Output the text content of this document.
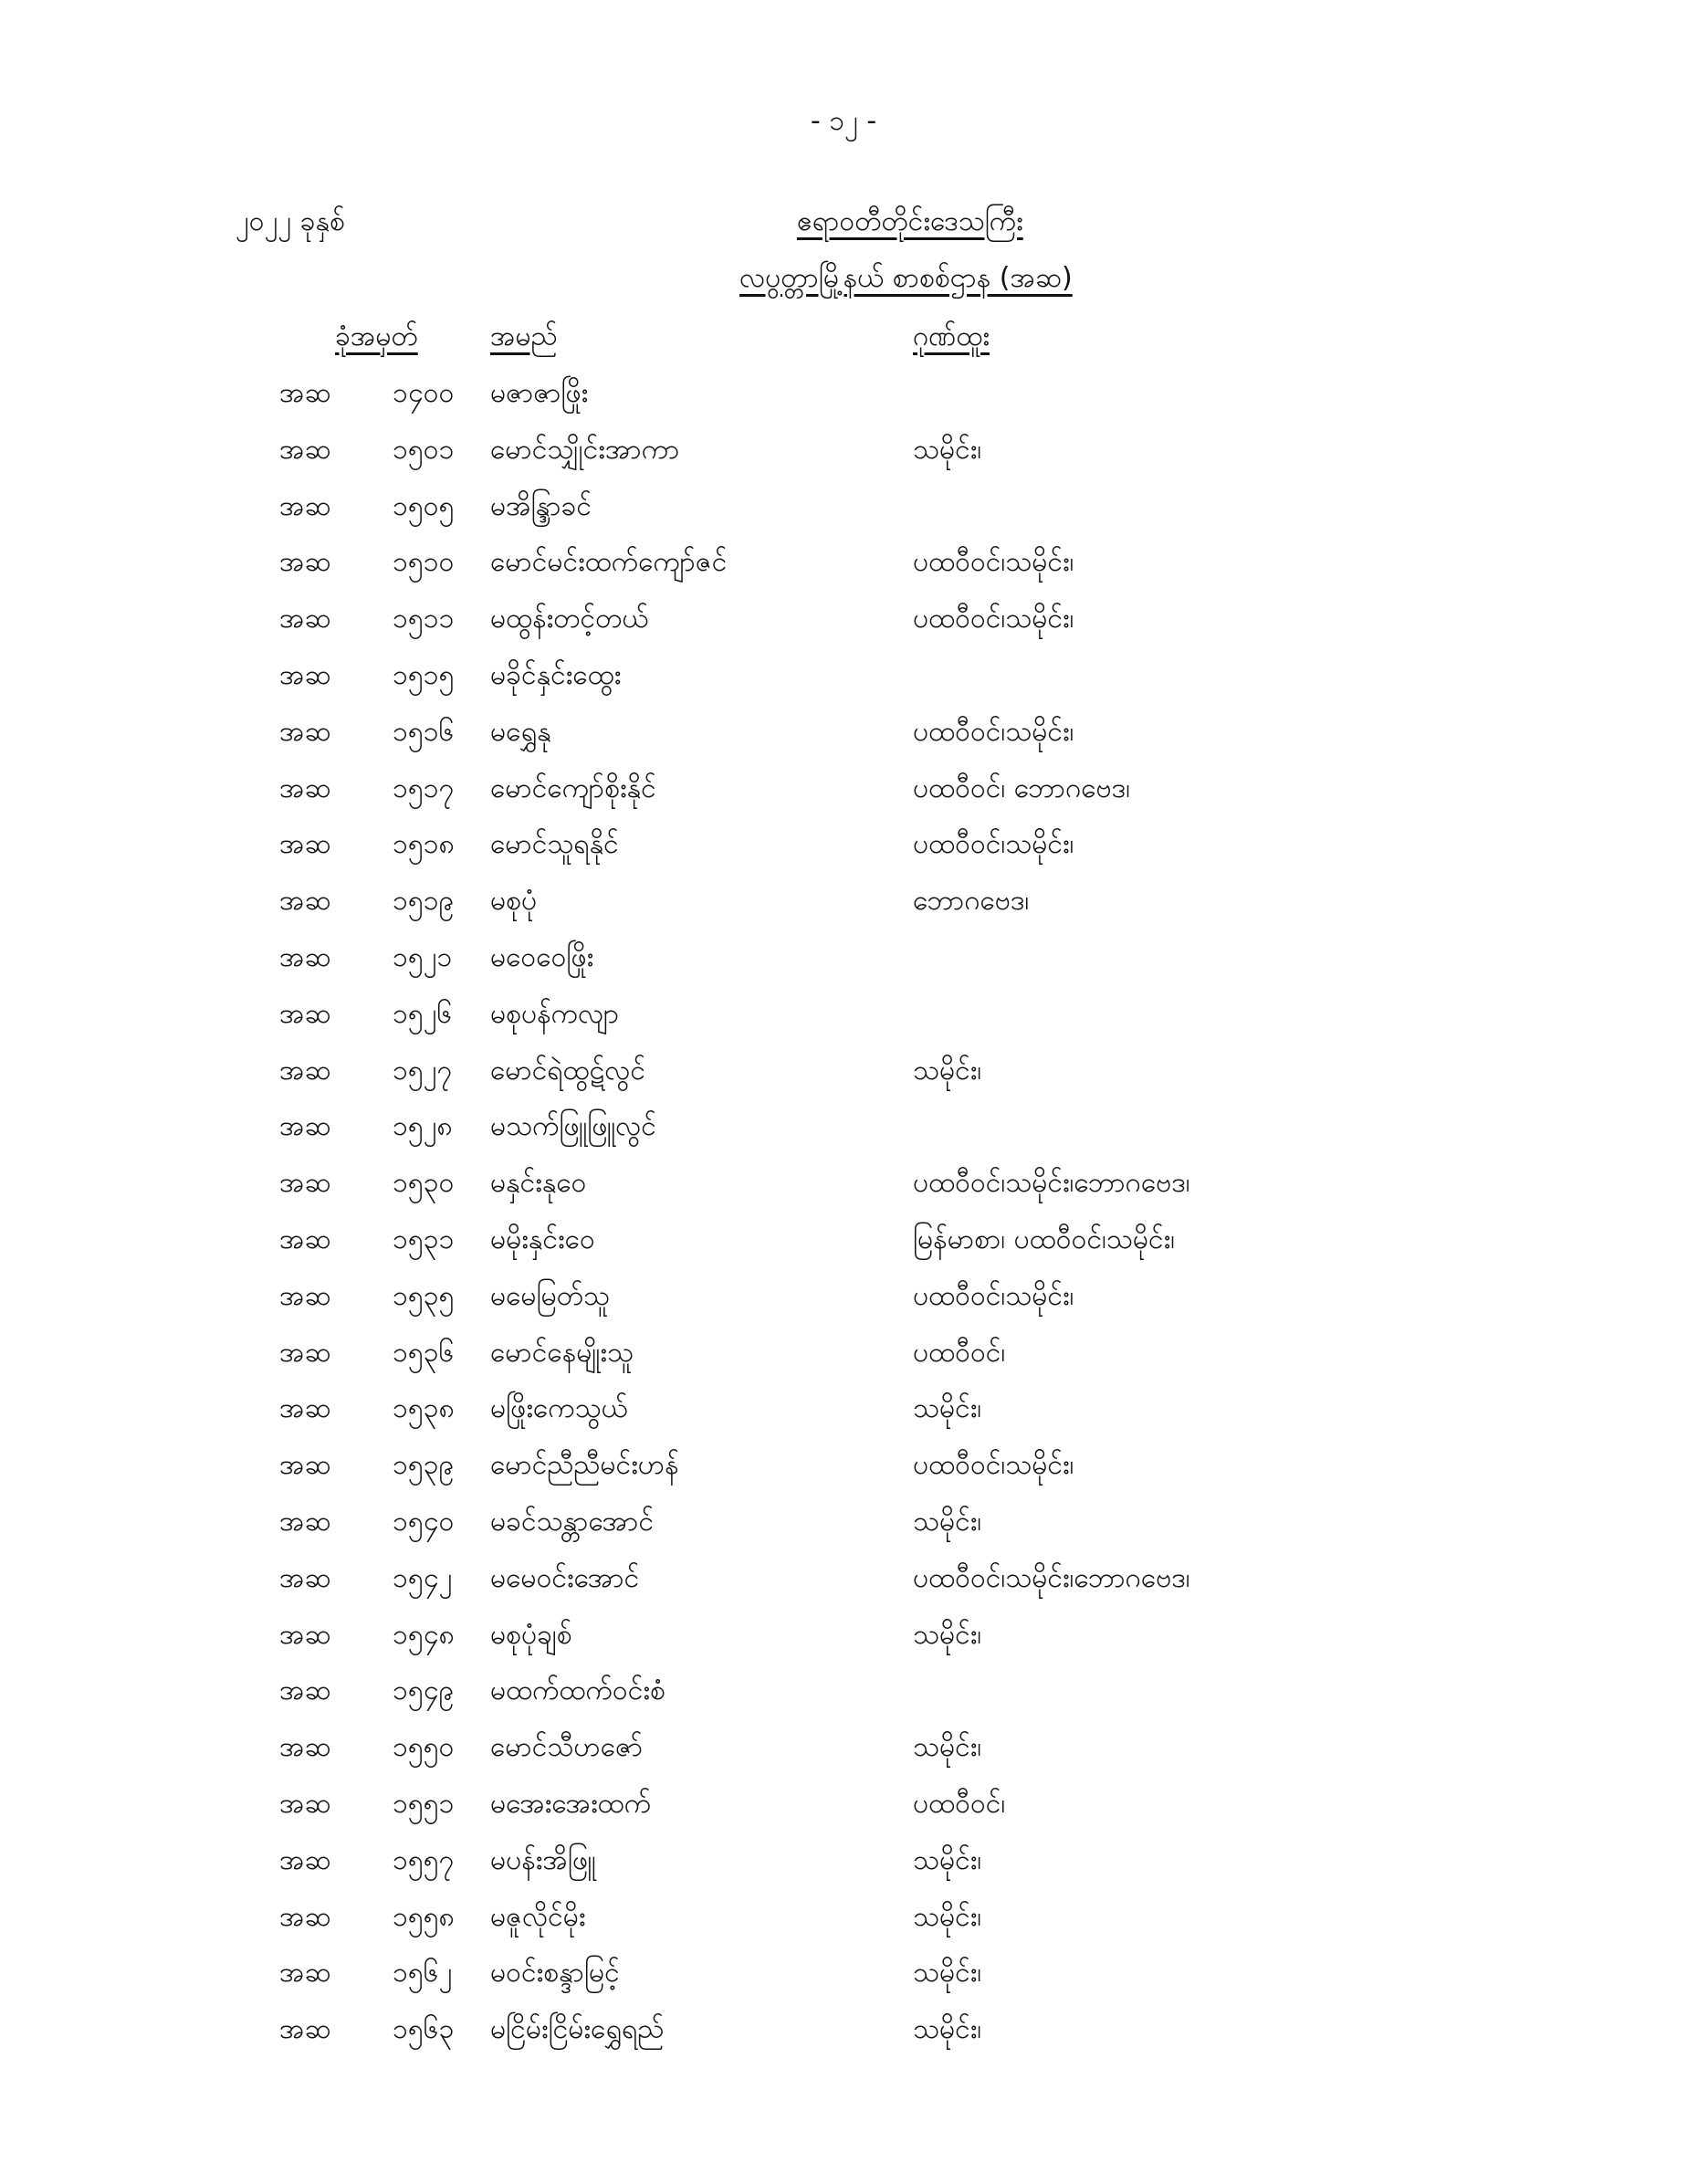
- ၁၂ -
၂၀၂၂ ခုနှစ်	ဧရာဝတီတိုင်းဒေသကြီး
လပွတ္တာမြို့နယ် စာစစ်ဌာန (အဆ)
ခုံအမှတ်	အမည်	ဂုဏ်ထူး
အဆ ၁၄၀၀ မဇာဇာဖြိုး
အဆ ၁၅၀၁ မောင်သျှိုင်းအာကာ	သမိုင်း၊
အဆ ၁၅၀၅ မအိန္ဒြာခင်
အဆ ၁၅၁၀ မောင်မင်းထက်ကျော်ဇင်	ပထဝီဝင်၊သမိုင်း၊
အဆ ၁၅၁၁ မထွန်းတင့်တယ်	ပထဝီဝင်၊သမိုင်း၊
အဆ ၁၅၁၅ မခိုင်နှင်းထွေး
အဆ ၁၅၁၆ မရွှေနု	ပထဝီဝင်၊သမိုင်း၊
အဆ ၁၅၁၇ မောင်ကျော်စိုးနိုင်	ပထဝီဝင်၊ ဘောဂဗေဒ၊
အဆ ၁၅၁၈ မောင်သူရနိုင်	ပထဝီဝင်၊သမိုင်း၊
အဆ ၁၅၁၉ မစုပုံ	ဘောဂဗေဒ၊
အဆ ၁၅၂၁ မဝေဝေဖြိုး
အဆ ၁၅၂၆ မစုပန်ကလျာ
အဆ ၁၅၂၇ မောင်ရဲထွဋ်လွင်	သမိုင်း၊
အဆ ၁၅၂၈ မသက်ဖြူဖြူလွင်
အဆ ၁၅၃၀ မနှင်းနုဝေ	ပထဝီဝင်၊သမိုင်း၊ဘောဂဗေဒ၊
အဆ ၁၅၃၁ မမိုးနှင်းဝေ	မြန်မာစာ၊ ပထဝီဝင်၊သမိုင်း၊
အဆ ၁၅၃၅ မမေမြတ်သူ	ပထဝီဝင်၊သမိုင်း၊
အဆ ၁၅၃၆ မောင်နေမျိုးသူ	ပထဝီဝင်၊
အဆ ၁၅၃၈ မဖြိုးကေသွယ်	သမိုင်း၊
အဆ ၁၅၃၉ မောင်ညီညီမင်းဟန်	ပထဝီဝင်၊သမိုင်း၊
အဆ ၁၅၄၀ မခင်သန္တာအောင်	သမိုင်း၊
အဆ ၁၅၄၂ မမေဝင်းအောင်	ပထဝီဝင်၊သမိုင်း၊ဘောဂဗေဒ၊
အဆ ၁၅၄၈ မစုပုံချစ်	သမိုင်း၊
အဆ ၁၅၄၉ မထက်ထက်ဝင်းစံ
အဆ ၁၅၅၀ မောင်သီဟဇော်	သမိုင်း၊
အဆ ၁၅၅၁ မအေးအေးထက်	ပထဝီဝင်၊
အဆ ၁၅၅၇ မပန်းအိဖြူ	သမိုင်း၊
အဆ ၁၅၅၈ မဇူလိုင်မိုး	သမိုင်း၊
အဆ ၁၅၆၂ မဝင်းစန္ဒာမြင့်	သမိုင်း၊
အဆ ၁၅၆၃ မငြိမ်းငြိမ်းရွှေရည်	သမိုင်း၊
